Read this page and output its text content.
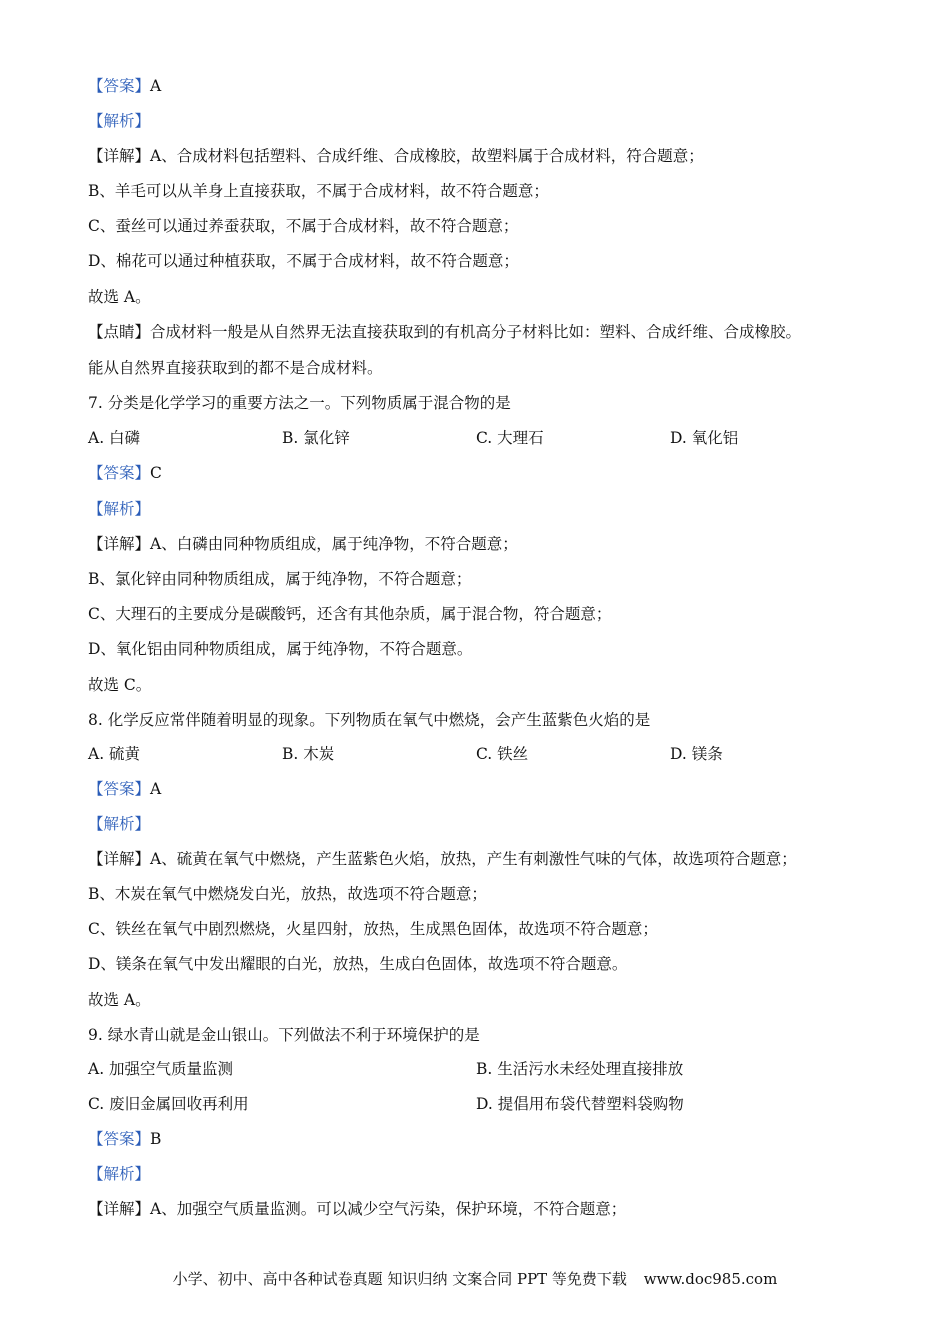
【答案】A
【解析】
【详解】A、合成材料包括塑料、合成纤维、合成橡胶，故塑料属于合成材料，符合题意；
B、羊毛可以从羊身上直接获取，不属于合成材料，故不符合题意；
C、蚕丝可以通过养蚕获取，不属于合成材料，故不符合题意；
D、棉花可以通过种植获取，不属于合成材料，故不符合题意；
故选 A。
【点睛】合成材料一般是从自然界无法直接获取到的有机高分子材料比如：塑料、合成纤维、合成橡胶。
能从自然界直接获取到的都不是合成材料。
7. 分类是化学学习的重要方法之一。下列物质属于混合物的是
A. 白磷	B. 氯化锌	C. 大理石	D. 氧化铝
【答案】C
【解析】
【详解】A、白磷由同种物质组成，属于纯净物，不符合题意；
B、氯化锌由同种物质组成，属于纯净物，不符合题意；
C、大理石的主要成分是碳酸钙，还含有其他杂质，属于混合物，符合题意；
D、氧化铝由同种物质组成，属于纯净物，不符合题意。
故选 C。
8. 化学反应常伴随着明显的现象。下列物质在氧气中燃烧，会产生蓝紫色火焰的是
A. 硫黄	B. 木炭	C. 铁丝	D. 镁条
【答案】A
【解析】
【详解】A、硫黄在氧气中燃烧，产生蓝紫色火焰，放热，产生有刺激性气味的气体，故选项符合题意；
B、木炭在氧气中燃烧发白光，放热，故选项不符合题意；
C、铁丝在氧气中剧烈燃烧，火星四射，放热，生成黑色固体，故选项不符合题意；
D、镁条在氧气中发出耀眼的白光，放热，生成白色固体，故选项不符合题意。
故选 A。
9. 绿水青山就是金山银山。下列做法不利于环境保护的是
A. 加强空气质量监测	B. 生活污水未经处理直接排放
C. 废旧金属回收再利用	D. 提倡用布袋代替塑料袋购物
【答案】B
【解析】
【详解】A、加强空气质量监测。可以减少空气污染，保护环境，不符合题意；
小学、初中、高中各种试卷真题 知识归纳 文案合同 PPT 等免费下载 www.doc985.com
